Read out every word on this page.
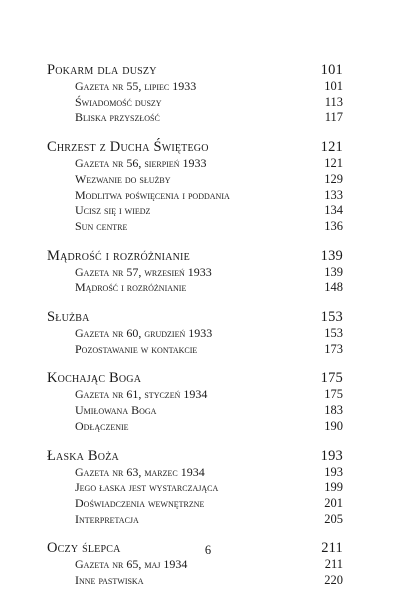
Pokarm dla duszy	101
Gazeta nr 55, lipiec 1933	101
Świadomość duszy	113
Bliska przyszłość	117
Chrzest z Ducha Świętego	121
Gazeta nr 56, sierpień 1933	121
Wezwanie do służby	129
Modlitwa poświęcenia i poddania	133
Ucisz się i wiedz	134
Sun centre	136
Mądrość i rozróżnianie	139
Gazeta nr 57, wrzesień 1933	139
Mądrość i rozróżnianie	148
Służba	153
Gazeta nr 60, grudzień 1933	153
Pozostawanie w kontakcie	173
Kochając Boga	175
Gazeta nr 61, styczeń 1934	175
Umiłowana Boga	183
Odłączenie	190
Łaska Boża	193
Gazeta nr 63, marzec 1934	193
Jego łaska jest wystarczająca	199
Doświadczenia wewnętrzne	201
Interpretacja	205
Oczy ślepca	211
Gazeta nr 65, maj 1934	211
Inne pastwiska	220
6
